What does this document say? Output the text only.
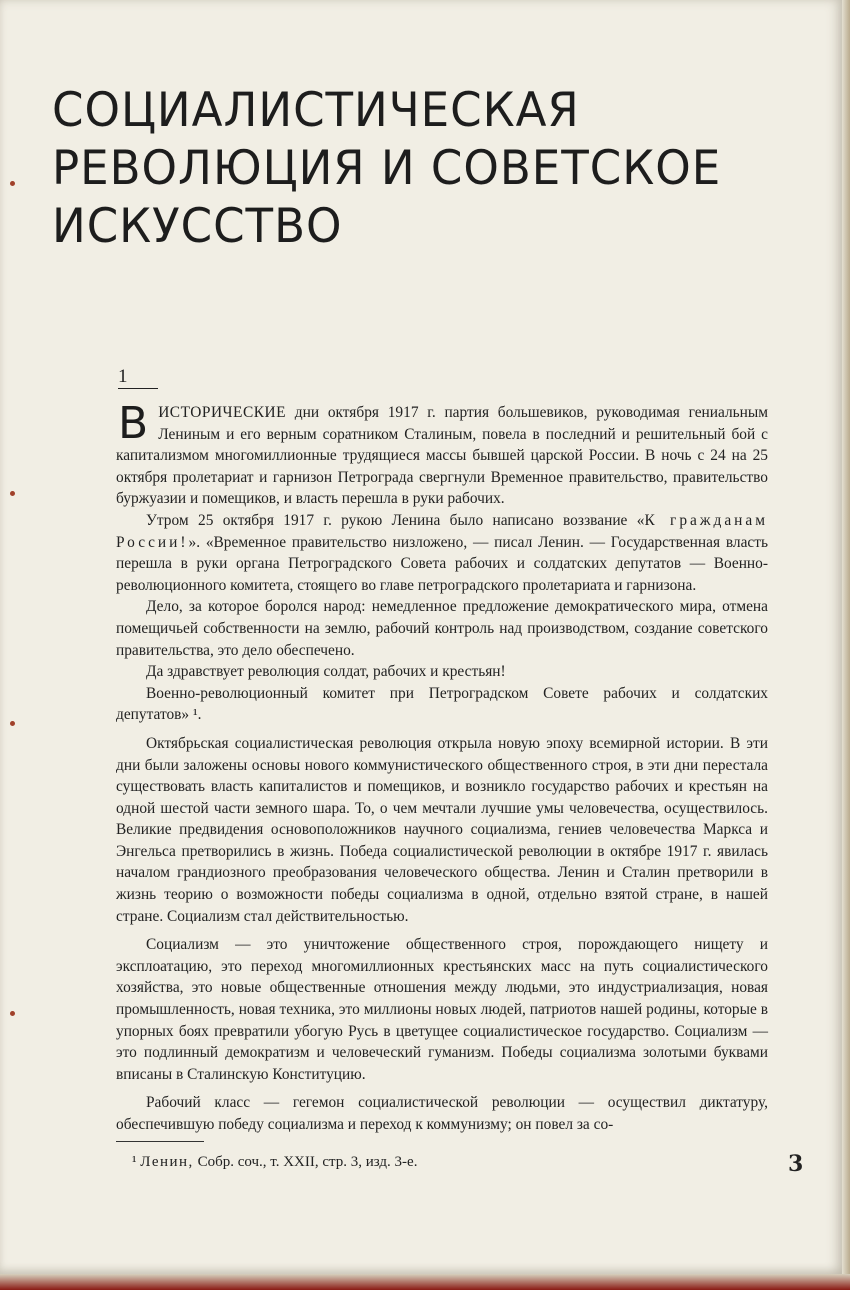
СОЦИАЛИСТИЧЕСКАЯ
РЕВОЛЮЦИЯ И СОВЕТСКОЕ
ИСКУССТВО
1

ВИСТОРИЧЕСКИЕ дни октября 1917 г. партия большевиков, руководимая гениальным Лениным и его верным соратником Сталиным, повела в последний и решительный бой с капитализмом многомиллионные трудящиеся массы бывшей царской России. В ночь с 24 на 25 октября пролетариат и гарнизон Петрограда свергнули Временное правительство, правительство буржуазии и помещиков, и власть перешла в руки рабочих.

Утром 25 октября 1917 г. рукою Ленина было написано воззвание «К гражданам России!». «Временное правительство низложено, — писал Ленин. — Государственная власть перешла в руки органа Петроградского Совета рабочих и солдатских депутатов — Военно-революционного комитета, стоящего во главе петроградского пролетариата и гарнизона.

Дело, за которое боролся народ: немедленное предложение демократического мира, отмена помещичьей собственности на землю, рабочий контроль над производством, создание советского правительства, это дело обеспечено.

Да здравствует революция солдат, рабочих и крестьян!

Военно-революционный комитет при Петроградском Совете рабочих и солдатских депутатов» ¹.

Октябрьская социалистическая революция открыла новую эпоху всемирной истории. В эти дни были заложены основы нового коммунистического общественного строя, в эти дни перестала существовать власть капиталистов и помещиков, и возникло государство рабочих и крестьян на одной шестой части земного шара. То, о чем мечтали лучшие умы человечества, осуществилось. Великие предвидения основоположников научного социализма, гениев человечества Маркса и Энгельса претворились в жизнь. Победа социалистической революции в октябре 1917 г. явилась началом грандиозного преобразования человеческого общества. Ленин и Сталин претворили в жизнь теорию о возможности победы социализма в одной, отдельно взятой стране, в нашей стране. Социализм стал действительностью.

Социализм — это уничтожение общественного строя, порождающего нищету и эксплоатацию, это переход многомиллионных крестьянских масс на путь социалистического хозяйства, это новые общественные отношения между людьми, это индустриализация, новая промышленность, новая техника, это миллионы новых людей, патриотов нашей родины, которые в упорных боях превратили убогую Русь в цветущее социалистическое государство. Социализм — это подлинный демократизм и человеческий гуманизм. Победы социализма золотыми буквами вписаны в Сталинскую Конституцию.

Рабочий класс — гегемон социалистической революции — осуществил диктатуру, обеспечившую победу социализма и переход к коммунизму; он повел за со-

¹ Ленин, Собр. соч., т. XXII, стр. 3, изд. 3-е.	3
